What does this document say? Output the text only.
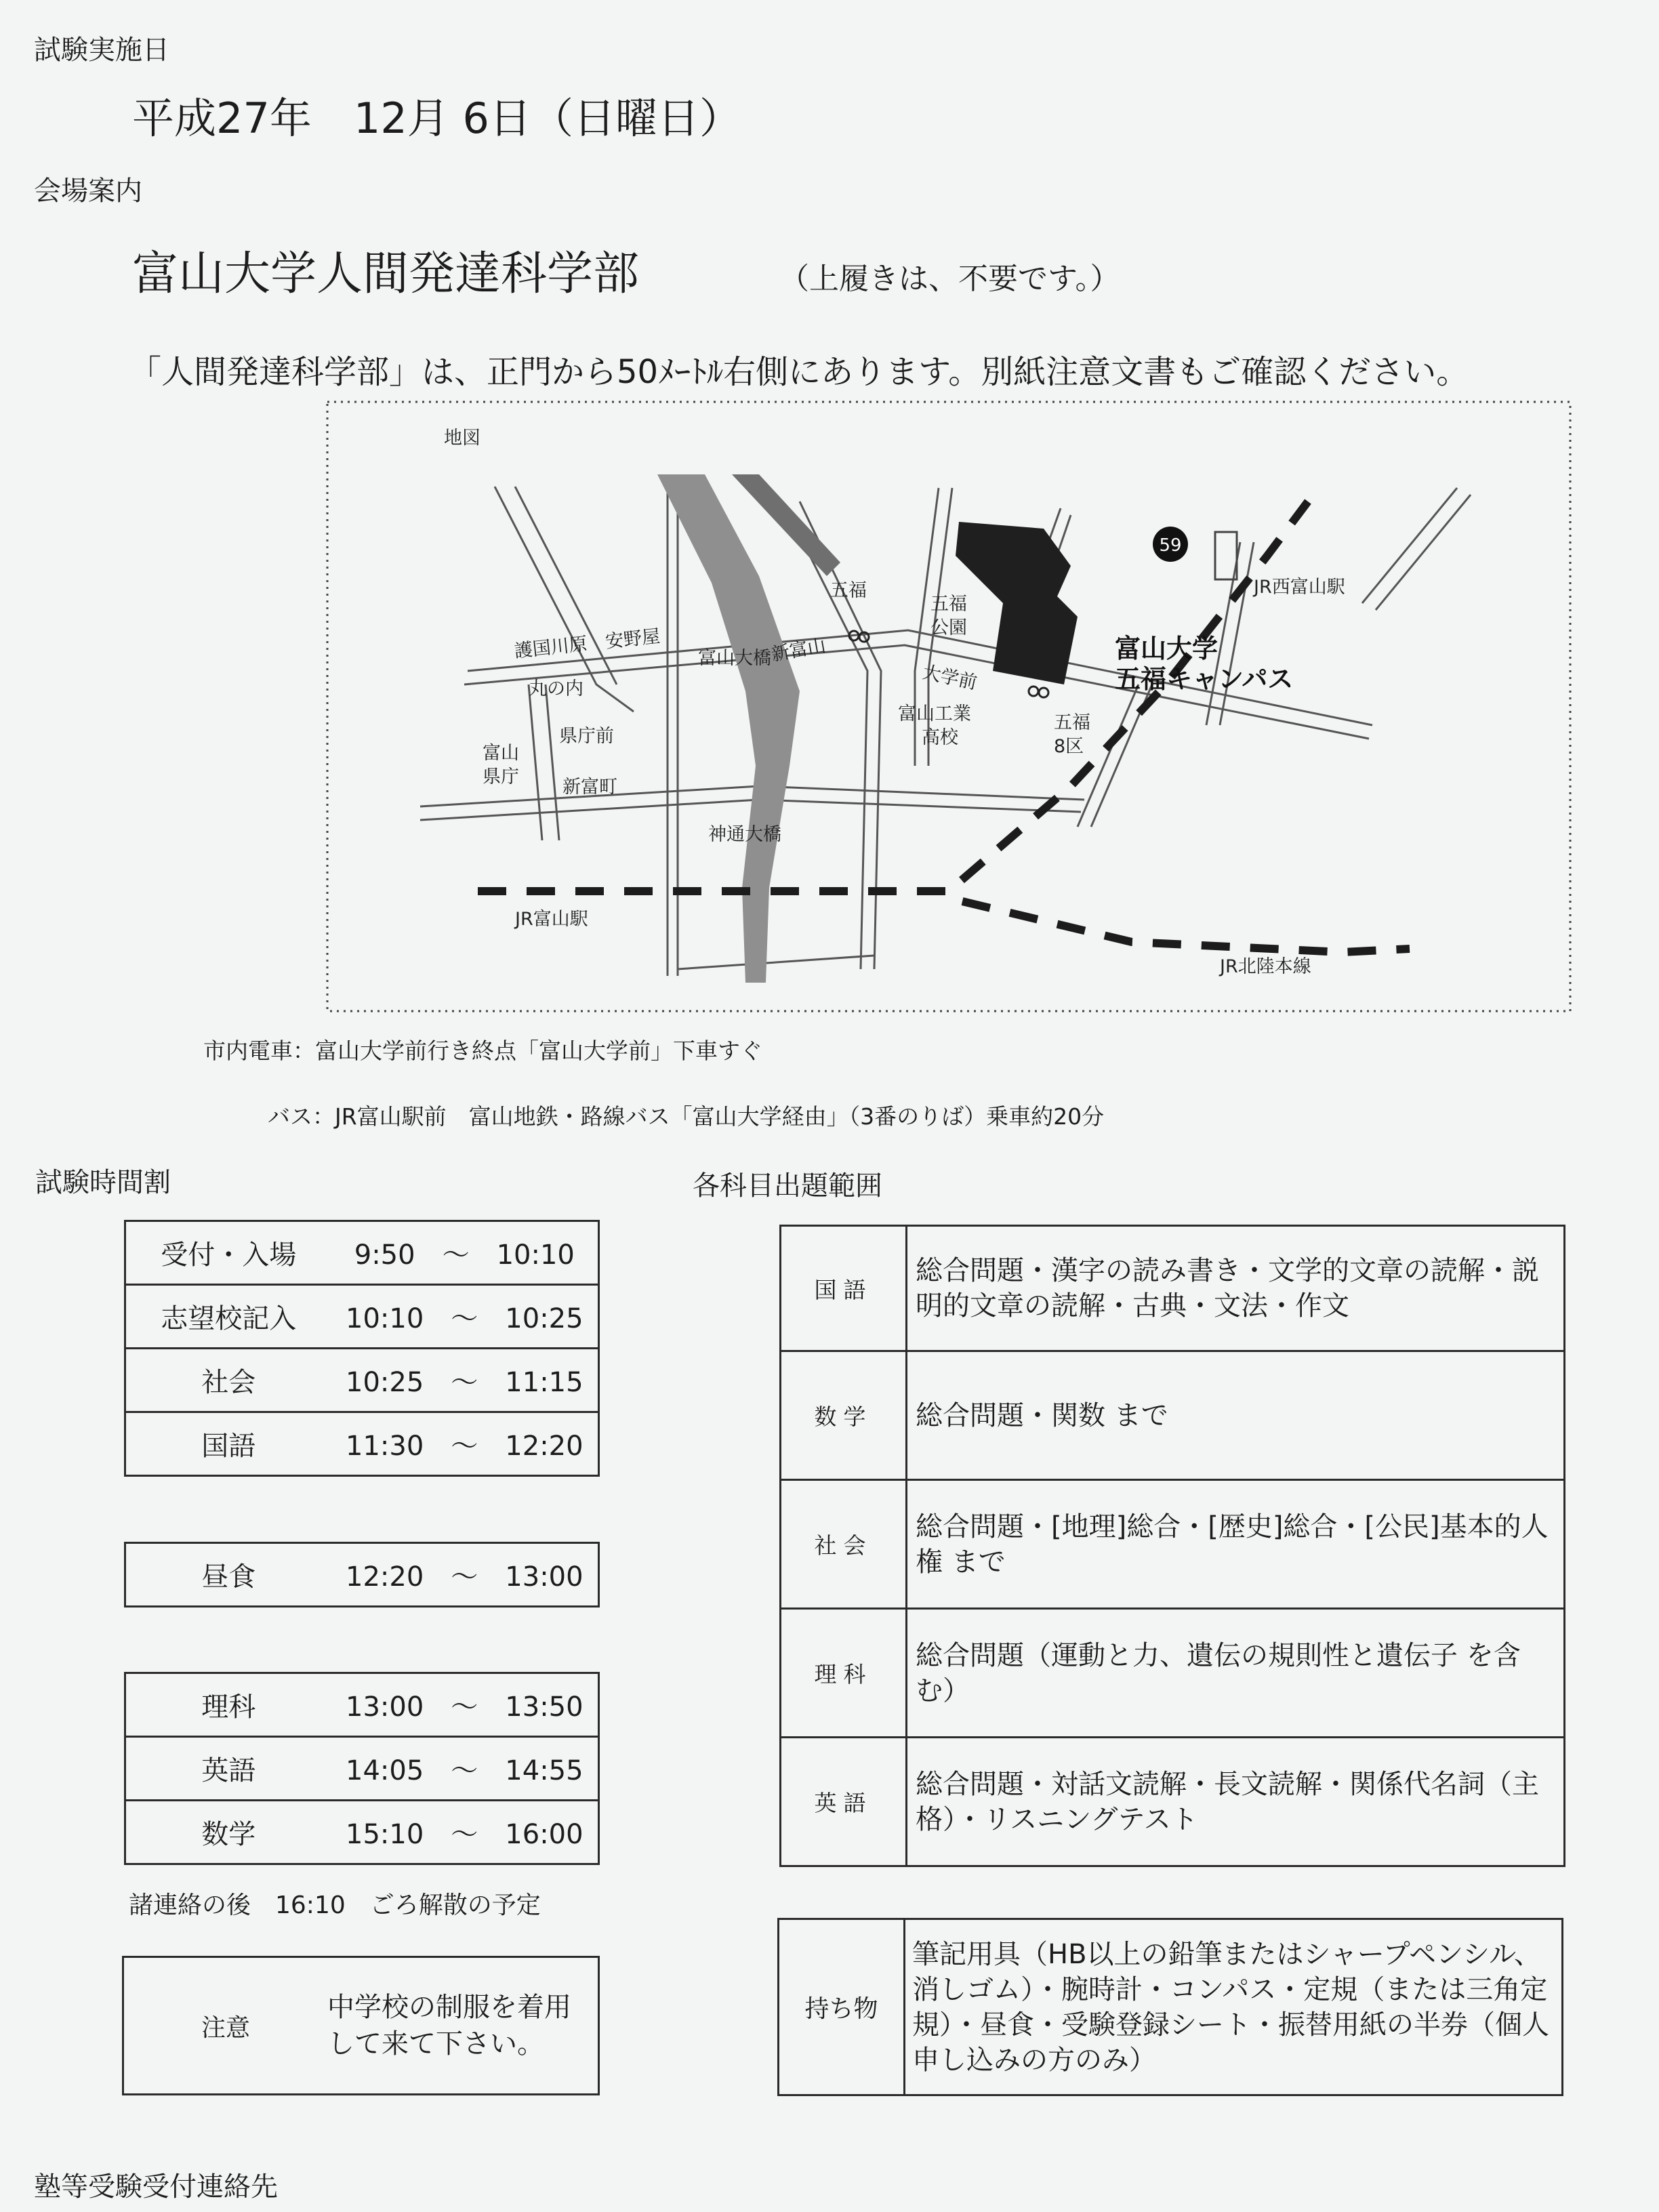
試験実施日
平成27年　12月 6日（日曜日）
会場案内
富山大学人間発達科学部	（上履きは、不要です。）
「人間発達科学部」は、正門から50ﾒｰﾄﾙ右側にあります。別紙注意文書もご確認ください。
地図
59
五福
五福
公園
富山大学
五福キャンパス
JR西富山駅
護国川原　安野屋 富山大橋
新富山
大学前
丸の内
県庁前
富山
県庁 新富町
神通大橋
富山工業
高校
五福
8区
JR富山駅
JR北陸本線
市内電車：富山大学前行き終点「富山大学前」下車すぐ
バス：JR富山駅前　富山地鉄・路線バス「富山大学経由」（3番のりば）乗車約20分
試験時間割
受付・入場	9:50　～　10:10
志望校記入	10:10　～　10:25
社会	10:25　～　11:15
国語	11:30　～　12:20
昼食	12:20　～　13:00
理科	13:00　～　13:50
英語	14:05　～　14:55
数学	15:10　～　16:00
諸連絡の後　16:10　ごろ解散の予定
注意	中学校の制服を着用して来て下さい。
各科目出題範囲
国語	総合問題・漢字の読み書き・文学的文章の読解・説明的文章の読解・古典・文法・作文
数学	総合問題・関数 まで
社会	総合問題・[地理]総合・[歴史]総合・[公民]基本的人権 まで
理科	総合問題（運動と力、遺伝の規則性と遺伝子 を含む）
英語	総合問題・対話文読解・長文読解・関係代名詞（主格）・リスニングテスト
持ち物	筆記用具（HB以上の鉛筆またはシャープペンシル、消しゴム）・腕時計・コンパス・定規（または三角定規）・昼食・受験登録シート・振替用紙の半券（個人申し込みの方のみ）
塾等受験受付連絡先
